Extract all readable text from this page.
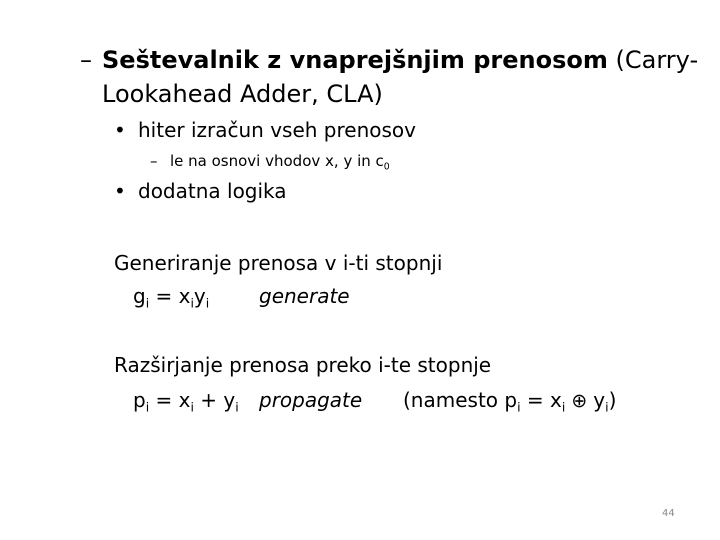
– Seštevalnik z vnaprejšnjim prenosom (Carry-
Lookahead Adder, CLA)
• hiter izračun vseh prenosov
– le na osnovi vhodov x, y in $c_0$
• dodatna logika
Generiranje prenosa v i-ti stopnji
$g_i = x_iy_i$ generate
Razširjanje prenosa preko i-te stopnje
$p_i = x_i + y_i$ propagate (namesto $p_i = x_i$ ⊕ $y_i$)
44
